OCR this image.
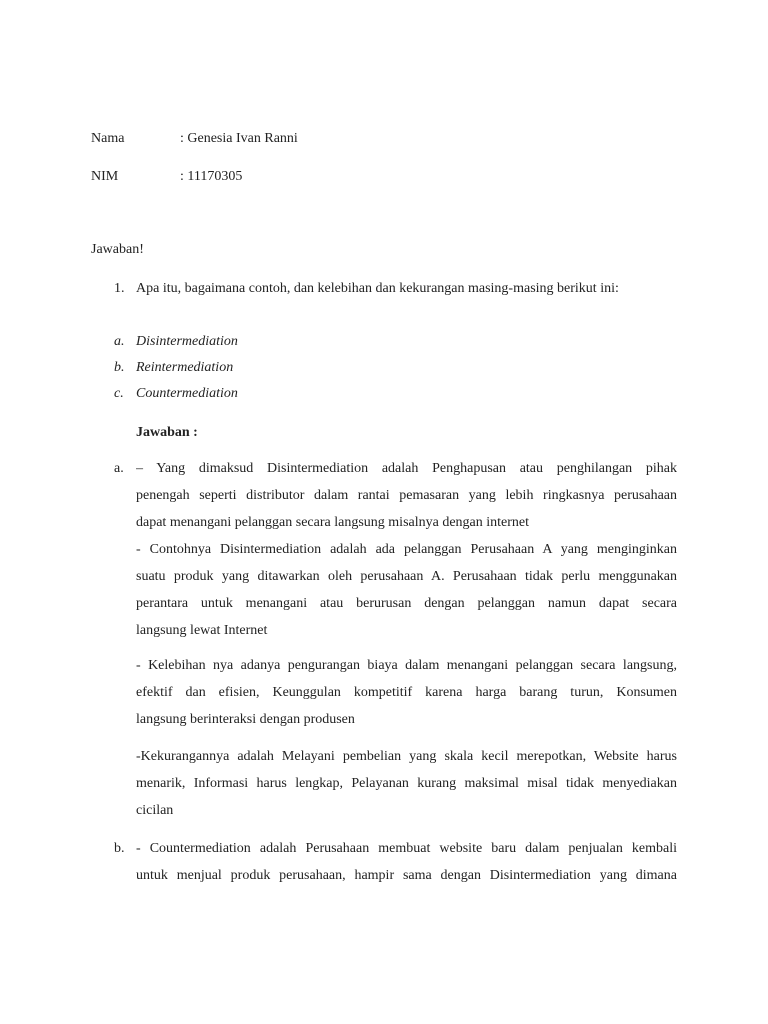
Nama	: Genesia Ivan Ranni
NIM	: 11170305
Jawaban!
1. Apa itu, bagaimana contoh, dan kelebihan dan kekurangan masing-masing berikut ini:
a. Disintermediation
b. Reintermediation
c. Countermediation
Jawaban :
a. – Yang dimaksud Disintermediation adalah Penghapusan atau penghilangan pihak
penengah seperti distributor dalam rantai pemasaran yang lebih ringkasnya perusahaan
dapat menangani pelanggan secara langsung misalnya dengan internet
- Contohnya Disintermediation adalah ada pelanggan Perusahaan A yang menginginkan
suatu produk yang ditawarkan oleh perusahaan A. Perusahaan tidak perlu menggunakan
perantara untuk menangani atau berurusan dengan pelanggan namun dapat secara
langsung lewat Internet
- Kelebihan nya adanya pengurangan biaya dalam menangani pelanggan secara langsung,
efektif dan efisien, Keunggulan kompetitif karena harga barang turun, Konsumen
langsung berinteraksi dengan produsen
-Kekurangannya adalah Melayani pembelian yang skala kecil merepotkan, Website harus
menarik, Informasi harus lengkap, Pelayanan kurang maksimal misal tidak menyediakan
cicilan
b. - Countermediation adalah Perusahaan membuat website baru dalam penjualan kembali
untuk menjual produk perusahaan, hampir sama dengan Disintermediation yang dimana
